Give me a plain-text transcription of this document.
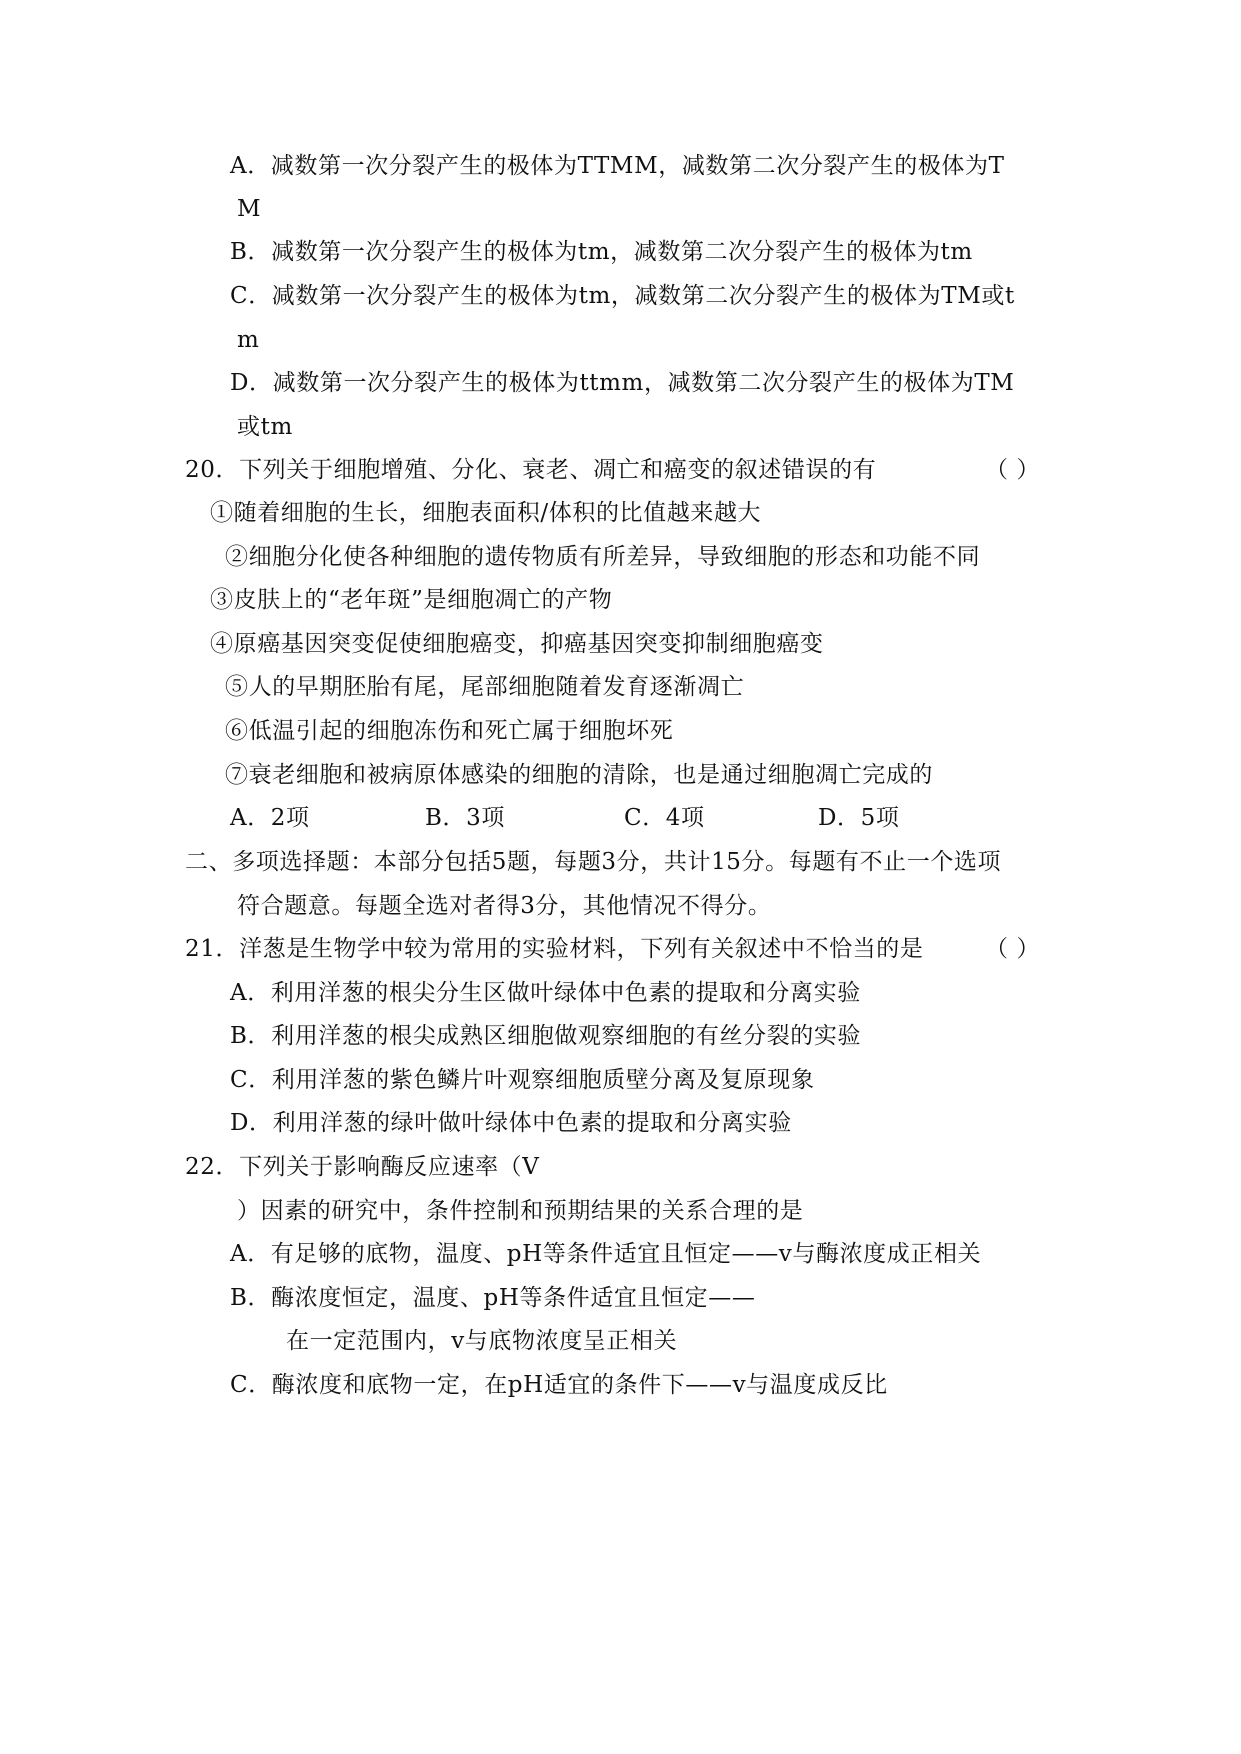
A．减数第一次分裂产生的极体为TTMM，减数第二次分裂产生的极体为T
M
B．减数第一次分裂产生的极体为tm，减数第二次分裂产生的极体为tm
C．减数第一次分裂产生的极体为tm，减数第二次分裂产生的极体为TM或t
m
D．减数第一次分裂产生的极体为ttmm，减数第二次分裂产生的极体为TM
或tm
20．下列关于细胞增殖、分化、衰老、凋亡和癌变的叙述错误的有	（ ）
①随着细胞的生长，细胞表面积/体积的比值越来越大
②细胞分化使各种细胞的遗传物质有所差异，导致细胞的形态和功能不同
③皮肤上的“老年斑”是细胞凋亡的产物
④原癌基因突变促使细胞癌变，抑癌基因突变抑制细胞癌变
⑤人的早期胚胎有尾，尾部细胞随着发育逐渐凋亡
⑥低温引起的细胞冻伤和死亡属于细胞坏死
⑦衰老细胞和被病原体感染的细胞的清除，也是通过细胞凋亡完成的
A．2项	B．3项	C．4项	D．5项
二、多项选择题：本部分包括5题，每题3分，共计15分。每题有不止一个选项
符合题意。每题全选对者得3分，其他情况不得分。
21．洋葱是生物学中较为常用的实验材料，下列有关叙述中不恰当的是	（ ）
A．利用洋葱的根尖分生区做叶绿体中色素的提取和分离实验
B．利用洋葱的根尖成熟区细胞做观察细胞的有丝分裂的实验
C．利用洋葱的紫色鳞片叶观察细胞质壁分离及复原现象
D．利用洋葱的绿叶做叶绿体中色素的提取和分离实验
22．下列关于影响酶反应速率（V
）因素的研究中，条件控制和预期结果的关系合理的是
A．有足够的底物，温度、pH等条件适宜且恒定——v与酶浓度成正相关
B．酶浓度恒定，温度、pH等条件适宜且恒定——
在一定范围内，v与底物浓度呈正相关
C．酶浓度和底物一定，在pH适宜的条件下——v与温度成反比
